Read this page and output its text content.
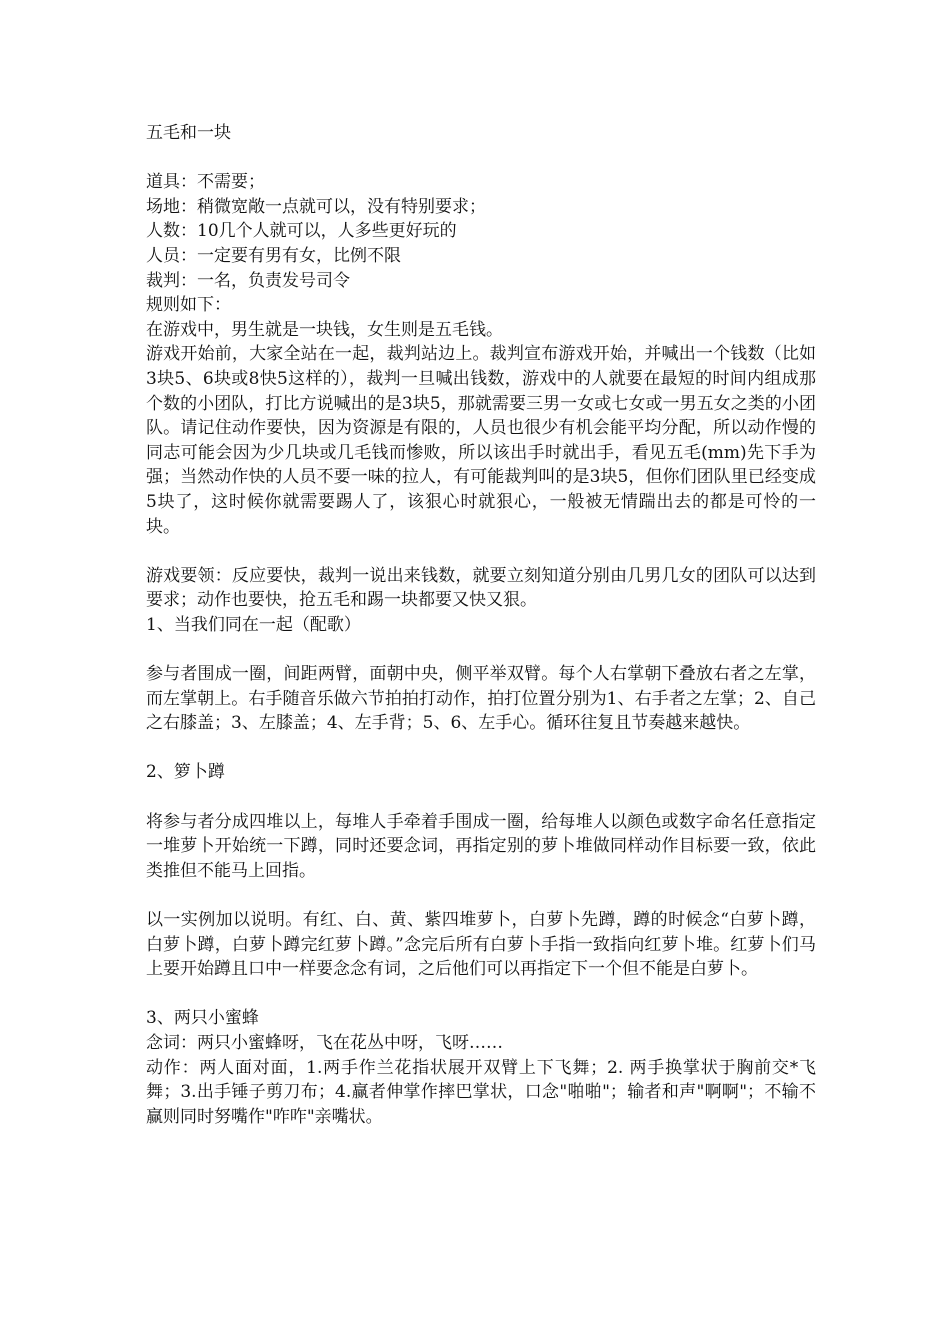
五毛和一块

道具：不需要；
场地：稍微宽敞一点就可以，没有特别要求；
人数：10几个人就可以，人多些更好玩的
人员：一定要有男有女，比例不限
裁判：一名，负责发号司令
规则如下：

在游戏中，男生就是一块钱，女生则是五毛钱。

游戏开始前，大家全站在一起，裁判站边上。裁判宣布游戏开始，并喊出一个钱数（比如3块5、6块或8快5这样的），裁判一旦喊出钱数，游戏中的人就要在最短的时间内组成那个数的小团队，打比方说喊出的是3块5，那就需要三男一女或七女或一男五女之类的小团队。请记住动作要快，因为资源是有限的，人员也很少有机会能平均分配，所以动作慢的同志可能会因为少几块或几毛钱而惨败，所以该出手时就出手，看见五毛(mm)先下手为强；当然动作快的人员不要一味的拉人，有可能裁判叫的是3块5，但你们团队里已经变成5块了，这时候你就需要踢人了，该狠心时就狠心，一般被无情踹出去的都是可怜的一块。

游戏要领：反应要快，裁判一说出来钱数，就要立刻知道分别由几男几女的团队可以达到要求；动作也要快，抢五毛和踢一块都要又快又狠。

1、当我们同在一起（配歌）

参与者围成一圈，间距两臂，面朝中央，侧平举双臂。每个人右掌朝下叠放右者之左掌，而左掌朝上。右手随音乐做六节拍拍打动作，拍打位置分别为1、右手者之左掌；2、自己之右膝盖；3、左膝盖；4、左手背；5、6、左手心。循环往复且节奏越来越快。

2、箩卜蹲

将参与者分成四堆以上，每堆人手牵着手围成一圈，给每堆人以颜色或数字命名任意指定一堆萝卜开始统一下蹲，同时还要念词，再指定别的萝卜堆做同样动作目标要一致，依此类推但不能马上回指。

以一实例加以说明。有红、白、黄、紫四堆萝卜，白萝卜先蹲，蹲的时候念“白萝卜蹲，白萝卜蹲，白萝卜蹲完红萝卜蹲。”念完后所有白萝卜手指一致指向红萝卜堆。红萝卜们马上要开始蹲且口中一样要念念有词，之后他们可以再指定下一个但不能是白萝卜。

3、两只小蜜蜂

念词：两只小蜜蜂呀，飞在花丛中呀，飞呀……

动作：两人面对面，1.两手作兰花指状展开双臂上下飞舞；2. 两手换掌状于胸前交*飞舞；3.出手锤子剪刀布；4.赢者伸掌作摔巴掌状，口念"啪啪"；输者和声"啊啊"；不输不赢则同时努嘴作"咋咋"亲嘴状。
